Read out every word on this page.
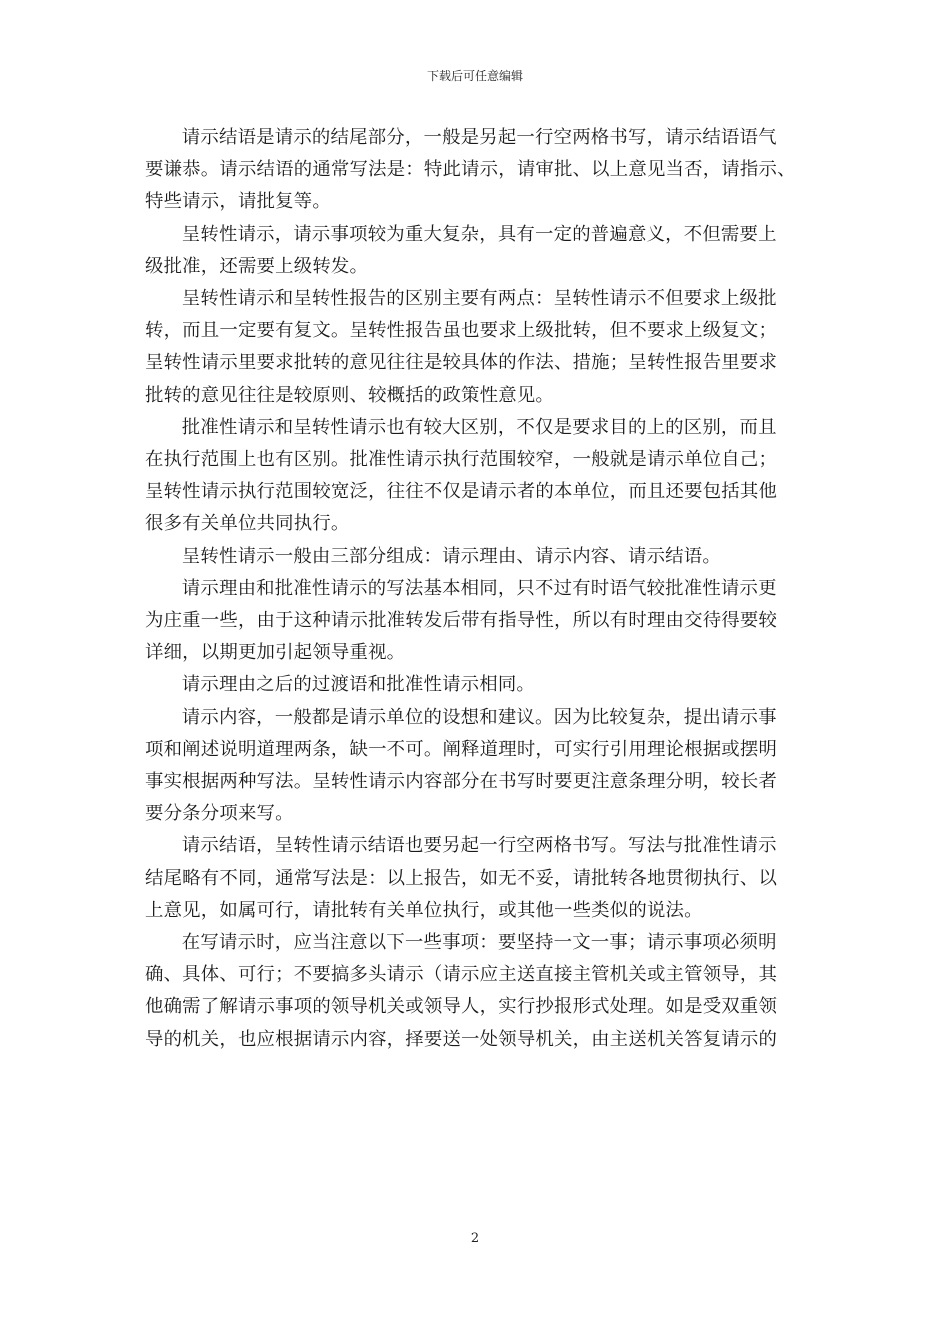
下载后可任意编辑

请示结语是请示的结尾部分，一般是另起一行空两格书写，请示结语语气
要谦恭。请示结语的通常写法是：特此请示，请审批、以上意见当否，请指示、
特些请示，请批复等。

呈转性请示，请示事项较为重大复杂，具有一定的普遍意义，不但需要上
级批准，还需要上级转发。

呈转性请示和呈转性报告的区别主要有两点：呈转性请示不但要求上级批
转，而且一定要有复文。呈转性报告虽也要求上级批转，但不要求上级复文；
呈转性请示里要求批转的意见往往是较具体的作法、措施；呈转性报告里要求
批转的意见往往是较原则、较概括的政策性意见。

批准性请示和呈转性请示也有较大区别，不仅是要求目的上的区别，而且
在执行范围上也有区别。批准性请示执行范围较窄，一般就是请示单位自己；
呈转性请示执行范围较宽泛，往往不仅是请示者的本单位，而且还要包括其他
很多有关单位共同执行。

呈转性请示一般由三部分组成：请示理由、请示内容、请示结语。

请示理由和批准性请示的写法基本相同，只不过有时语气较批准性请示更
为庄重一些，由于这种请示批准转发后带有指导性，所以有时理由交待得要较
详细，以期更加引起领导重视。

请示理由之后的过渡语和批准性请示相同。

请示内容，一般都是请示单位的设想和建议。因为比较复杂，提出请示事
项和阐述说明道理两条，缺一不可。阐释道理时，可实行引用理论根据或摆明
事实根据两种写法。呈转性请示内容部分在书写时要更注意条理分明，较长者
要分条分项来写。

请示结语，呈转性请示结语也要另起一行空两格书写。写法与批准性请示
结尾略有不同，通常写法是：以上报告，如无不妥，请批转各地贯彻执行、以
上意见，如属可行，请批转有关单位执行，或其他一些类似的说法。

在写请示时，应当注意以下一些事项：要坚持一文一事；请示事项必须明
确、具体、可行；不要搞多头请示（请示应主送直接主管机关或主管领导，其
他确需了解请示事项的领导机关或领导人，实行抄报形式处理。如是受双重领
导的机关，也应根据请示内容，择要送一处领导机关，由主送机关答复请示的

2
